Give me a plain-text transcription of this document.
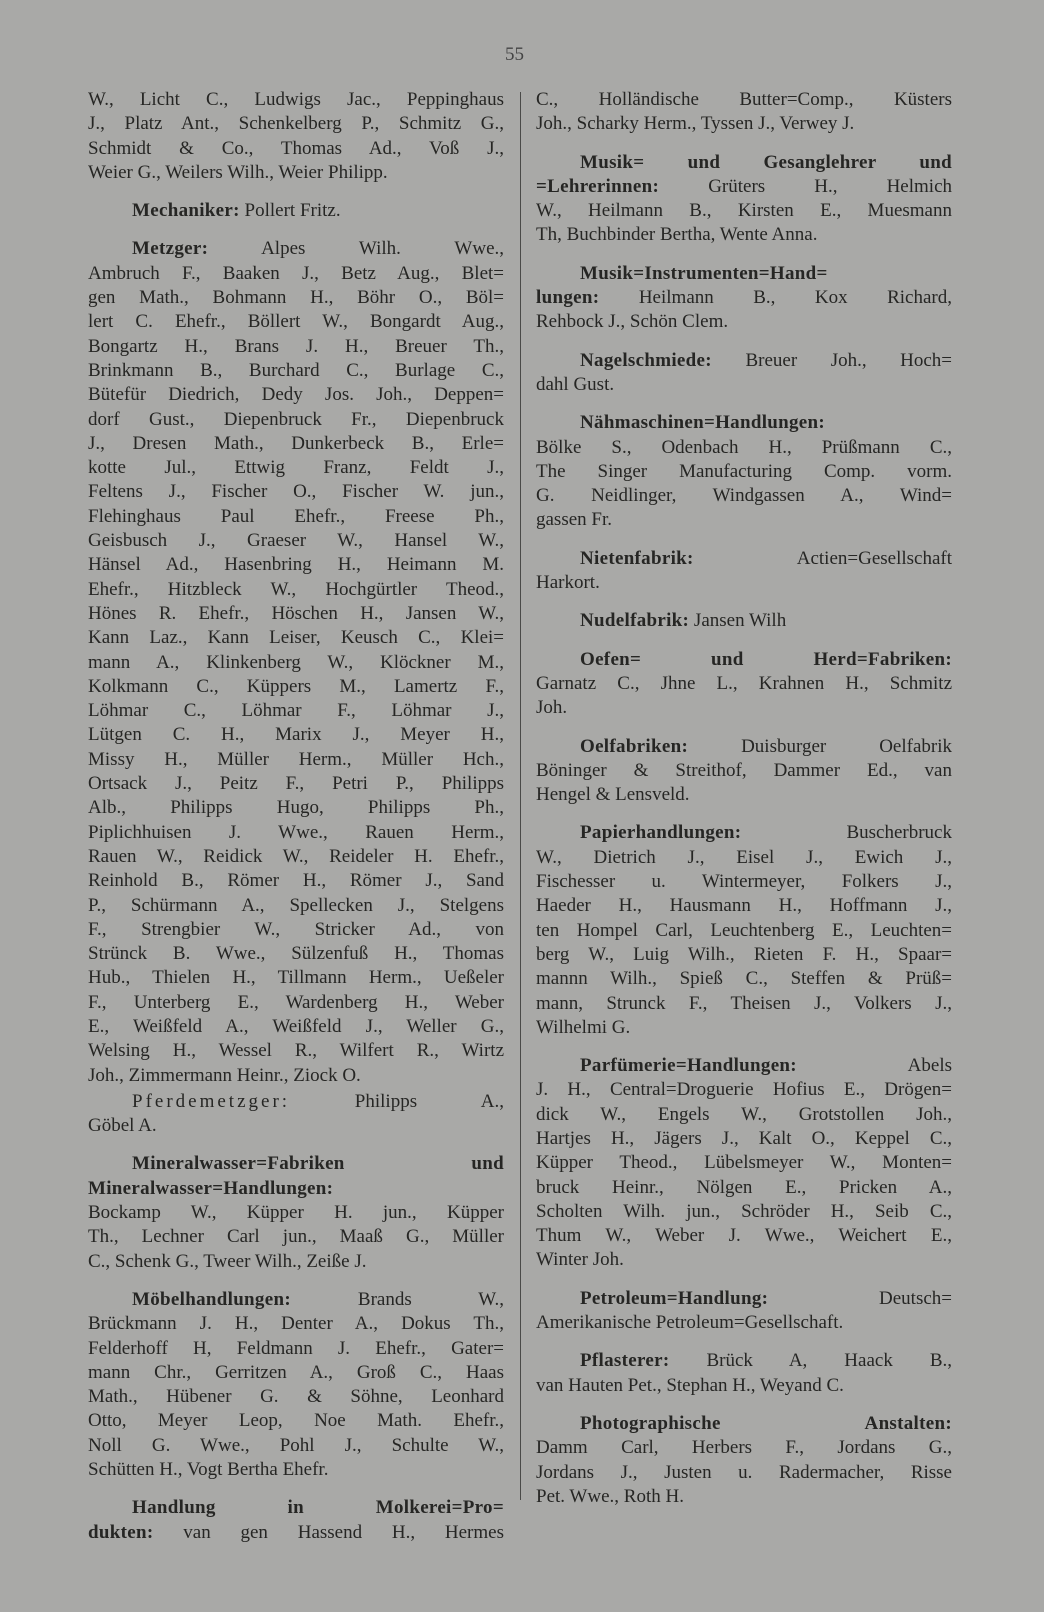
55
W., Licht C., Ludwigs Jac., Peppinghaus
J., Platz Ant., Schenkelberg P., Schmitz G.,
Schmidt & Co., Thomas Ad., Voß J.,
Weier G., Weilers Wilh., Weier Philipp.
Mechaniker: Pollert Fritz.
Metzger:	Alpes Wilh. Wwe.,
Ambruch F., Baaken J., Betz Aug., Blet=
gen Math., Bohmann H., Böhr O., Böl=
lert C. Ehefr., Böllert W., Bongardt Aug.,
Bongartz H., Brans J. H., Breuer Th.,
Brinkmann B., Burchard C., Burlage C.,
Bütefür Diedrich, Dedy Jos. Joh., Deppen=
dorf Gust., Diepenbruck Fr., Diepenbruck
J., Dresen Math., Dunkerbeck B., Erle=
kotte Jul., Ettwig Franz, Feldt J.,
Feltens J., Fischer O., Fischer W. jun.,
Flehinghaus Paul Ehefr., Freese Ph.,
Geisbusch J., Graeser W., Hansel W.,
Hänsel Ad., Hasenbring H., Heimann M.
Ehefr., Hitzbleck W., Hochgürtler Theod.,
Hönes R. Ehefr., Höschen H., Jansen W.,
Kann Laz., Kann Leiser, Keusch C., Klei=
mann A., Klinkenberg W., Klöckner M.,
Kolkmann C., Küppers M., Lamertz F.,
Löhmar C., Löhmar F., Löhmar J.,
Lütgen C. H., Marix J., Meyer H.,
Missy H., Müller Herm., Müller Hch.,
Ortsack J., Peitz F., Petri P., Philipps
Alb., Philipps Hugo, Philipps Ph.,
Piplichhuisen J. Wwe., Rauen Herm.,
Rauen W., Reidick W., Reideler H. Ehefr.,
Reinhold B., Römer H., Römer J., Sand
P., Schürmann A., Spellecken J., Stelgens
F., Strengbier W., Stricker Ad., von
Strünck B. Wwe., Sülzenfuß H., Thomas
Hub., Thielen H., Tillmann Herm., Ueßeler
F., Unterberg E., Wardenberg H., Weber
E., Weißfeld A., Weißfeld J., Weller G.,
Welsing H., Wessel R., Wilfert R., Wirtz
Joh., Zimmermann Heinr., Ziock O.
Pferdemetzger:	Philipps A.,
Göbel A.
Mineralwasser=Fabriken und
Mineralwasser=Handlungen:
Bockamp W., Küpper H. jun., Küpper
Th., Lechner Carl jun., Maaß G., Müller
C., Schenk G., Tweer Wilh., Zeiße J.
Möbelhandlungen:	Brands W.,
Brückmann J. H., Denter A., Dokus Th.,
Felderhoff H, Feldmann J. Ehefr., Gater=
mann Chr., Gerritzen A., Groß C., Haas
Math., Hübener G. & Söhne, Leonhard
Otto, Meyer Leop, Noe Math. Ehefr.,
Noll G. Wwe., Pohl J., Schulte W.,
Schütten H., Vogt Bertha Ehefr.
Handlung in Molkerei=Pro=
dukten: van gen Hassend H., Hermes
C., Holländische Butter=Comp., Küsters
Joh., Scharky Herm., Tyssen J., Verwey J.
Musik= und Gesanglehrer und
=Lehrerinnen:	Grüters H., Helmich
W., Heilmann B., Kirsten E., Muesmann
Th, Buchbinder Bertha, Wente Anna.
Musik=Instrumenten=Hand=
lungen: Heilmann B., Kox Richard,
Rehbock J., Schön Clem.
Nagelschmiede: Breuer Joh., Hoch=
dahl Gust.
Nähmaschinen=Handlungen:
Bölke S., Odenbach H., Prüßmann C.,
The Singer Manufacturing Comp. vorm.
G. Neidlinger, Windgassen A., Wind=
gassen Fr.
Nietenfabrik:	Actien=Gesellschaft
Harkort.
Nudelfabrik: Jansen Wilh
Oefen= und Herd=Fabriken:
Garnatz C., Jhne L., Krahnen H., Schmitz
Joh.
Oelfabriken:	Duisburger Oelfabrik
Böninger & Streithof, Dammer Ed., van
Hengel & Lensveld.
Papierhandlungen:	Buscherbruck
W., Dietrich J., Eisel J., Ewich J.,
Fischesser u. Wintermeyer, Folkers J.,
Haeder H., Hausmann H., Hoffmann J.,
ten Hompel Carl, Leuchtenberg E., Leuchten=
berg W., Luig Wilh., Rieten F. H., Spaar=
mannn Wilh., Spieß C., Steffen & Prüß=
mann, Strunck F., Theisen J., Volkers J.,
Wilhelmi G.
Parfümerie=Handlungen:	Abels
J. H., Central=Droguerie Hofius E., Drögen=
dick W., Engels W., Grotstollen Joh.,
Hartjes H., Jägers J., Kalt O., Keppel C.,
Küpper Theod., Lübelsmeyer W., Monten=
bruck Heinr., Nölgen E., Pricken A.,
Scholten Wilh. jun., Schröder H., Seib C.,
Thum W., Weber J. Wwe., Weichert E.,
Winter Joh.
Petroleum=Handlung:	Deutsch=
Amerikanische Petroleum=Gesellschaft.
Pflasterer: Brück A, Haack B.,
van Hauten Pet., Stephan H., Weyand C.
Photographische Anstalten:
Damm Carl, Herbers F., Jordans G.,
Jordans J., Justen u. Radermacher, Risse
Pet. Wwe., Roth H.
